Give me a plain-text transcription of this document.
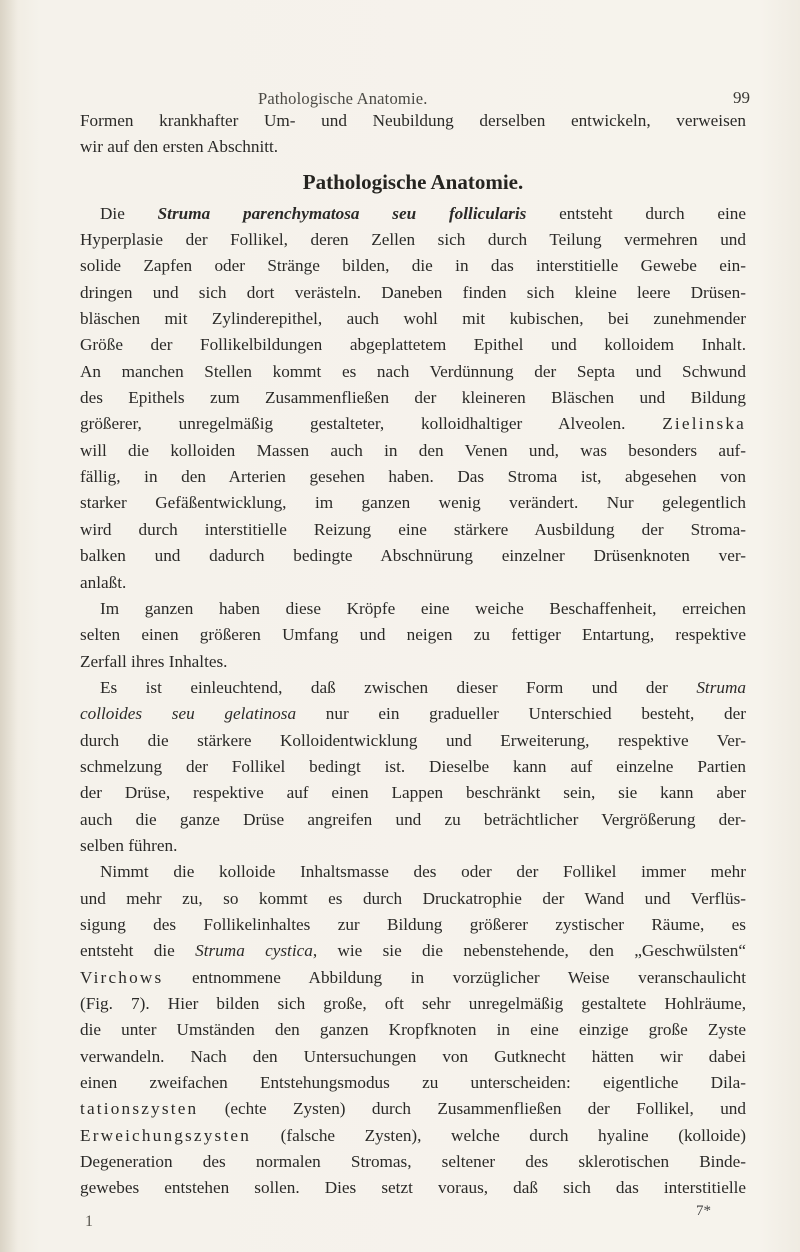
Pathologische Anatomie.	99
Formen krankhafter Um- und Neubildung derselben entwickeln, verweisen
wir auf den ersten Abschnitt.
Pathologische Anatomie.
Die Struma parenchymatosa seu follicularis entsteht durch eine
Hyperplasie der Follikel, deren Zellen sich durch Teilung vermehren und
solide Zapfen oder Stränge bilden, die in das interstitielle Gewebe ein-
dringen und sich dort verästeln. Daneben finden sich kleine leere Drüsen-
bläschen mit Zylinderepithel, auch wohl mit kubischen, bei zunehmender
Größe der Follikelbildungen abgeplattetem Epithel und kolloidem Inhalt.
An manchen Stellen kommt es nach Verdünnung der Septa und Schwund
des Epithels zum Zusammenfließen der kleineren Bläschen und Bildung
größerer, unregelmäßig gestalteter, kolloidhaltiger Alveolen. Zielinska
will die kolloiden Massen auch in den Venen und, was besonders auf-
fällig, in den Arterien gesehen haben. Das Stroma ist, abgesehen von
starker Gefäßentwicklung, im ganzen wenig verändert. Nur gelegentlich
wird durch interstitielle Reizung eine stärkere Ausbildung der Stroma-
balken und dadurch bedingte Abschnürung einzelner Drüsenknoten ver-
anlaßt.
Im ganzen haben diese Kröpfe eine weiche Beschaffenheit, erreichen
selten einen größeren Umfang und neigen zu fettiger Entartung, respektive
Zerfall ihres Inhaltes.
Es ist einleuchtend, daß zwischen dieser Form und der Struma
colloides seu gelatinosa nur ein gradueller Unterschied besteht, der
durch die stärkere Kolloidentwicklung und Erweiterung, respektive Ver-
schmelzung der Follikel bedingt ist. Dieselbe kann auf einzelne Partien
der Drüse, respektive auf einen Lappen beschränkt sein, sie kann aber
auch die ganze Drüse angreifen und zu beträchtlicher Vergrößerung der-
selben führen.
Nimmt die kolloide Inhaltsmasse des oder der Follikel immer mehr
und mehr zu, so kommt es durch Druckatrophie der Wand und Verflüs-
sigung des Follikelinhaltes zur Bildung größerer zystischer Räume, es
entsteht die Struma cystica, wie sie die nebenstehende, den „Geschwülsten“
Virchows entnommene Abbildung in vorzüglicher Weise veranschaulicht
(Fig. 7). Hier bilden sich große, oft sehr unregelmäßig gestaltete Hohlräume,
die unter Umständen den ganzen Kropfknoten in eine einzige große Zyste
verwandeln. Nach den Untersuchungen von Gutknecht hätten wir dabei
einen zweifachen Entstehungsmodus zu unterscheiden: eigentliche Dila-
tationszysten (echte Zysten) durch Zusammenfließen der Follikel, und
Erweichungszysten (falsche Zysten), welche durch hyaline (kolloide)
Degeneration des normalen Stromas, seltener des sklerotischen Binde-
gewebes entstehen sollen. Dies setzt voraus, daß sich das interstitielle
7*
1
